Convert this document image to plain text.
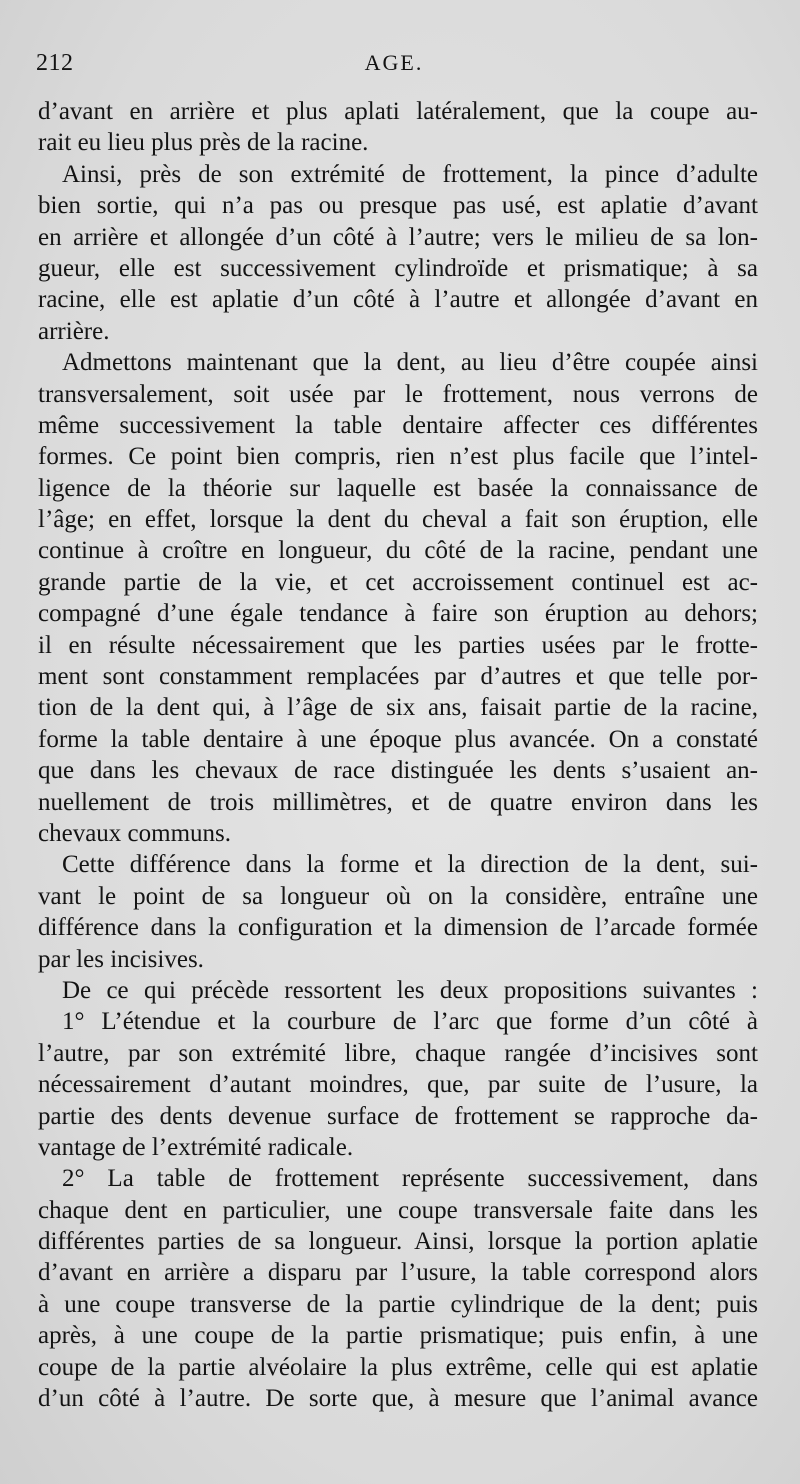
212	AGE.
d’avant en arrière et plus aplati latéralement, que la coupe au-
rait eu lieu plus près de la racine.
Ainsi, près de son extrémité de frottement, la pince d’adulte
bien sortie, qui n’a pas ou presque pas usé, est aplatie d’avant
en arrière et allongée d’un côté à l’autre; vers le milieu de sa lon-
gueur, elle est successivement cylindroïde et prismatique; à sa
racine, elle est aplatie d’un côté à l’autre et allongée d’avant en
arrière.
Admettons maintenant que la dent, au lieu d’être coupée ainsi
transversalement, soit usée par le frottement, nous verrons de
même successivement la table dentaire affecter ces différentes
formes. Ce point bien compris, rien n’est plus facile que l’intel-
ligence de la théorie sur laquelle est basée la connaissance de
l’âge; en effet, lorsque la dent du cheval a fait son éruption, elle
continue à croître en longueur, du côté de la racine, pendant une
grande partie de la vie, et cet accroissement continuel est ac-
compagné d’une égale tendance à faire son éruption au dehors;
il en résulte nécessairement que les parties usées par le frotte-
ment sont constamment remplacées par d’autres et que telle por-
tion de la dent qui, à l’âge de six ans, faisait partie de la racine,
forme la table dentaire à une époque plus avancée. On a constaté
que dans les chevaux de race distinguée les dents s’usaient an-
nuellement de trois millimètres, et de quatre environ dans les
chevaux communs.
Cette différence dans la forme et la direction de la dent, sui-
vant le point de sa longueur où on la considère, entraîne une
différence dans la configuration et la dimension de l’arcade formée
par les incisives.
De ce qui précède ressortent les deux propositions suivantes :
1° L’étendue et la courbure de l’arc que forme d’un côté à
l’autre, par son extrémité libre, chaque rangée d’incisives sont
nécessairement d’autant moindres, que, par suite de l’usure, la
partie des dents devenue surface de frottement se rapproche da-
vantage de l’extrémité radicale.
2° La table de frottement représente successivement, dans
chaque dent en particulier, une coupe transversale faite dans les
différentes parties de sa longueur. Ainsi, lorsque la portion aplatie
d’avant en arrière a disparu par l’usure, la table correspond alors
à une coupe transverse de la partie cylindrique de la dent; puis
après, à une coupe de la partie prismatique; puis enfin, à une
coupe de la partie alvéolaire la plus extrême, celle qui est aplatie
d’un côté à l’autre. De sorte que, à mesure que l’animal avance
